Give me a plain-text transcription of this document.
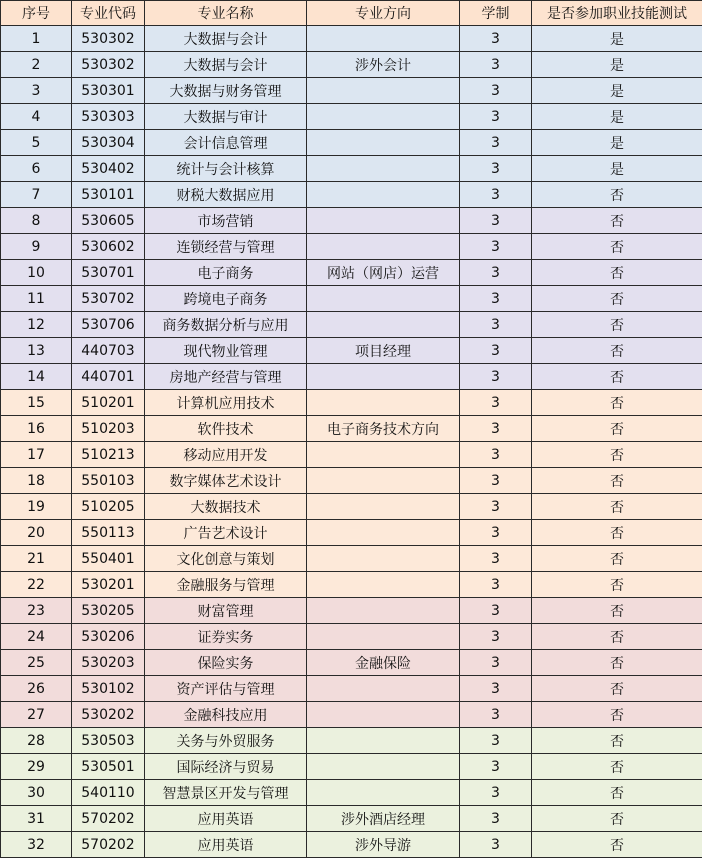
序号	专业代码	专业名称	专业方向	学制	是否参加职业技能测试
1	530302	大数据与会计		3	是
2	530302	大数据与会计	涉外会计	3	是
3	530301	大数据与财务管理		3	是
4	530303	大数据与审计		3	是
5	530304	会计信息管理		3	是
6	530402	统计与会计核算		3	是
7	530101	财税大数据应用		3	否
8	530605	市场营销		3	否
9	530602	连锁经营与管理		3	否
10	530701	电子商务	网站（网店）运营	3	否
11	530702	跨境电子商务		3	否
12	530706	商务数据分析与应用		3	否
13	440703	现代物业管理	项目经理	3	否
14	440701	房地产经营与管理		3	否
15	510201	计算机应用技术		3	否
16	510203	软件技术	电子商务技术方向	3	否
17	510213	移动应用开发		3	否
18	550103	数字媒体艺术设计		3	否
19	510205	大数据技术		3	否
20	550113	广告艺术设计		3	否
21	550401	文化创意与策划		3	否
22	530201	金融服务与管理		3	否
23	530205	财富管理		3	否
24	530206	证券实务		3	否
25	530203	保险实务	金融保险	3	否
26	530102	资产评估与管理		3	否
27	530202	金融科技应用		3	否
28	530503	关务与外贸服务		3	否
29	530501	国际经济与贸易		3	否
30	540110	智慧景区开发与管理		3	否
31	570202	应用英语	涉外酒店经理	3	否
32	570202	应用英语	涉外导游	3	否
